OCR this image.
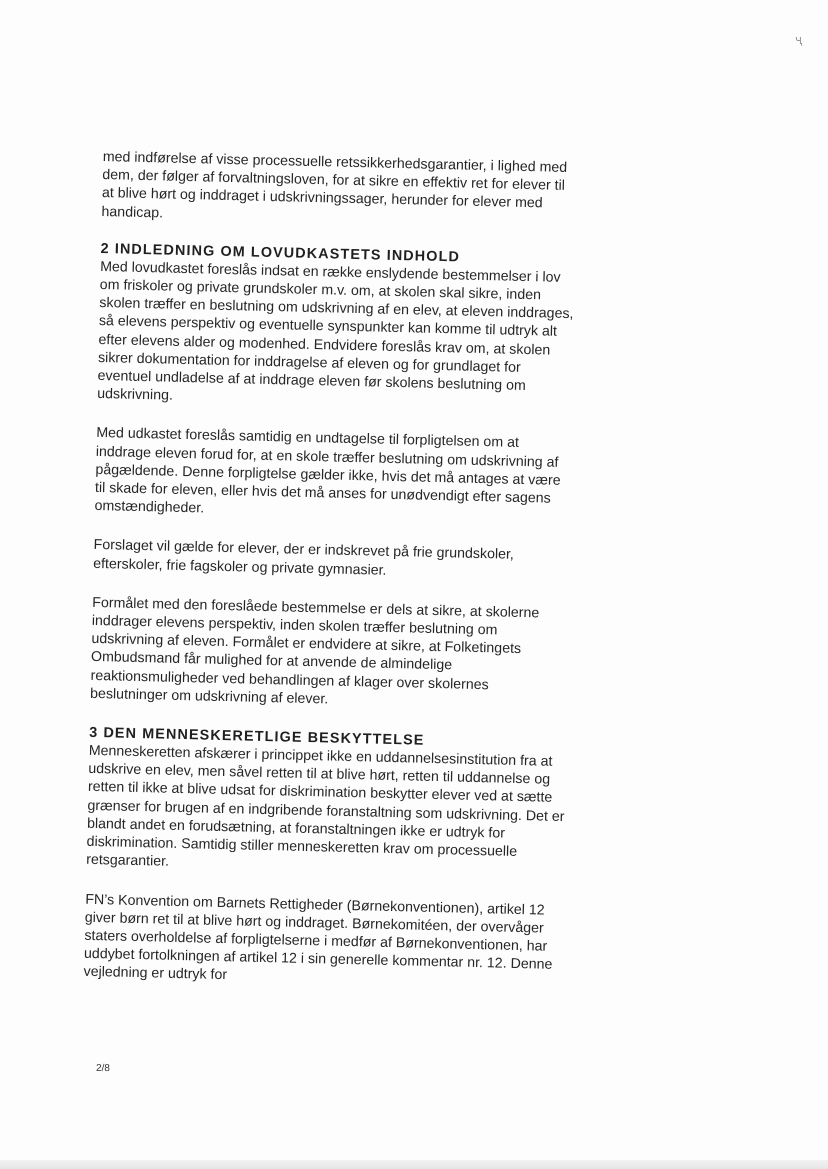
ҷ

med indførelse af visse processuelle retssikkerhedsgarantier, i lighed med dem, der følger af forvaltningsloven, for at sikre en effektiv ret for elever til at blive hørt og inddraget i udskrivningssager, herunder for elever med handicap.

2 INDLEDNING OM LOVUDKASTETS INDHOLD

Med lovudkastet foreslås indsat en række enslydende bestemmelser i lov om friskoler og private grundskoler m.v. om, at skolen skal sikre, inden skolen træffer en beslutning om udskrivning af en elev, at eleven inddrages, så elevens perspektiv og eventuelle synspunkter kan komme til udtryk alt efter elevens alder og modenhed. Endvidere foreslås krav om, at skolen sikrer dokumentation for inddragelse af eleven og for grundlaget for eventuel undladelse af at inddrage eleven før skolens beslutning om udskrivning.

Med udkastet foreslås samtidig en undtagelse til forpligtelsen om at inddrage eleven forud for, at en skole træffer beslutning om udskrivning af pågældende. Denne forpligtelse gælder ikke, hvis det må antages at være til skade for eleven, eller hvis det må anses for unødvendigt efter sagens omstændigheder.

Forslaget vil gælde for elever, der er indskrevet på frie grundskoler, efterskoler, frie fagskoler og private gymnasier.

Formålet med den foreslåede bestemmelse er dels at sikre, at skolerne inddrager elevens perspektiv, inden skolen træffer beslutning om udskrivning af eleven. Formålet er endvidere at sikre, at Folketingets Ombudsmand får mulighed for at anvende de almindelige reaktionsmuligheder ved behandlingen af klager over skolernes beslutninger om udskrivning af elever.

3 DEN MENNESKERETLIGE BESKYTTELSE

Menneskeretten afskærer i princippet ikke en uddannelsesinstitution fra at udskrive en elev, men såvel retten til at blive hørt, retten til uddannelse og retten til ikke at blive udsat for diskrimination beskytter elever ved at sætte grænser for brugen af en indgribende foranstaltning som udskrivning. Det er blandt andet en forudsætning, at foranstaltningen ikke er udtryk for diskrimination. Samtidig stiller menneskeretten krav om processuelle retsgarantier.

FN’s Konvention om Barnets Rettigheder (Børnekonventionen), artikel 12 giver børn ret til at blive hørt og inddraget. Børnekomitéen, der overvåger staters overholdelse af forpligtelserne i medfør af Børnekonventionen, har uddybet fortolkningen af artikel 12 i sin generelle kommentar nr. 12. Denne vejledning er udtryk for

2/8
